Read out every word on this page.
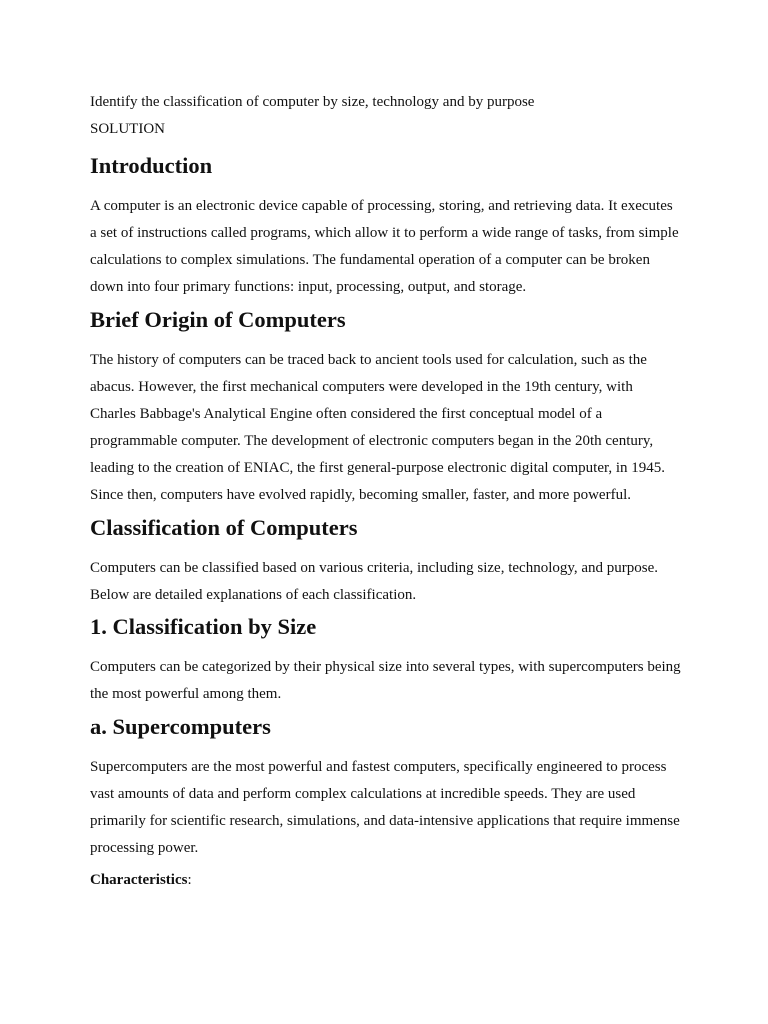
Identify the classification of computer by size, technology and by purpose

SOLUTION

Introduction

A computer is an electronic device capable of processing, storing, and retrieving data. It executes a set of instructions called programs, which allow it to perform a wide range of tasks, from simple calculations to complex simulations. The fundamental operation of a computer can be broken down into four primary functions: input, processing, output, and storage.

Brief Origin of Computers

The history of computers can be traced back to ancient tools used for calculation, such as the abacus. However, the first mechanical computers were developed in the 19th century, with Charles Babbage's Analytical Engine often considered the first conceptual model of a programmable computer. The development of electronic computers began in the 20th century, leading to the creation of ENIAC, the first general-purpose electronic digital computer, in 1945. Since then, computers have evolved rapidly, becoming smaller, faster, and more powerful.

Classification of Computers

Computers can be classified based on various criteria, including size, technology, and purpose. Below are detailed explanations of each classification.

1. Classification by Size

Computers can be categorized by their physical size into several types, with supercomputers being the most powerful among them.

a. Supercomputers

Supercomputers are the most powerful and fastest computers, specifically engineered to process vast amounts of data and perform complex calculations at incredible speeds. They are used primarily for scientific research, simulations, and data-intensive applications that require immense processing power.

Characteristics:
